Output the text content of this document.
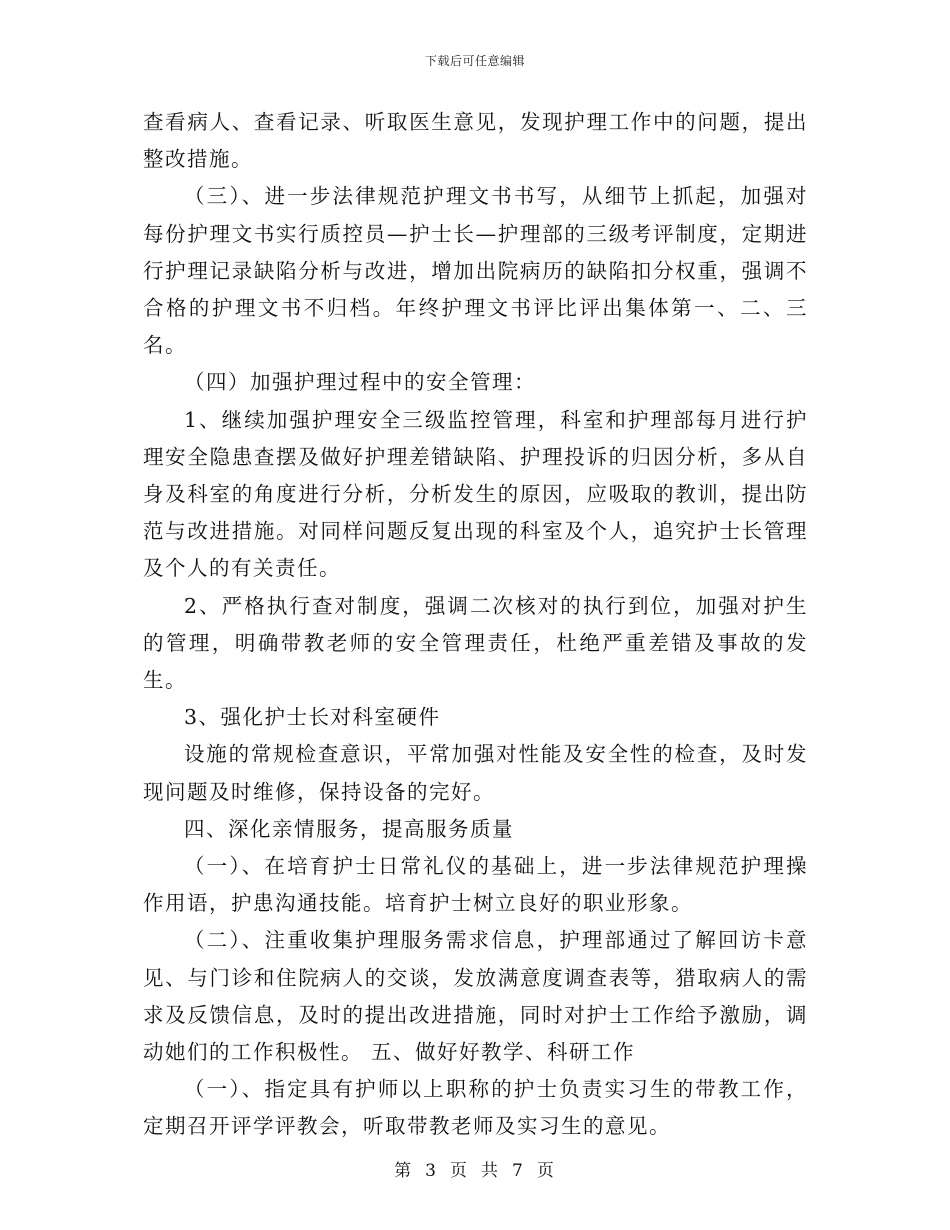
下载后可任意编辑

查看病人、查看记录、听取医生意见，发现护理工作中的问题，提出整改措施。

（三）、进一步法律规范护理文书书写，从细节上抓起，加强对每份护理文书实行质控员—护士长—护理部的三级考评制度，定期进行护理记录缺陷分析与改进，增加出院病历的缺陷扣分权重，强调不合格的护理文书不归档。年终护理文书评比评出集体第一、二、三名。

（四）加强护理过程中的安全管理：

1、继续加强护理安全三级监控管理，科室和护理部每月进行护理安全隐患查摆及做好护理差错缺陷、护理投诉的归因分析，多从自身及科室的角度进行分析，分析发生的原因，应吸取的教训，提出防范与改进措施。对同样问题反复出现的科室及个人，追究护士长管理及个人的有关责任。

2、严格执行查对制度，强调二次核对的执行到位，加强对护生的管理，明确带教老师的安全管理责任，杜绝严重差错及事故的发生。

3、强化护士长对科室硬件

设施的常规检查意识，平常加强对性能及安全性的检查，及时发现问题及时维修，保持设备的完好。

四、深化亲情服务，提高服务质量

（一）、在培育护士日常礼仪的基础上，进一步法律规范护理操作用语，护患沟通技能。培育护士树立良好的职业形象。

（二）、注重收集护理服务需求信息，护理部通过了解回访卡意见、与门诊和住院病人的交谈，发放满意度调查表等，猎取病人的需求及反馈信息，及时的提出改进措施，同时对护士工作给予激励，调动她们的工作积极性。 五、做好好教学、科研工作

（一）、指定具有护师以上职称的护士负责实习生的带教工作，定期召开评学评教会，听取带教老师及实习生的意见。

第 3 页 共 7 页
